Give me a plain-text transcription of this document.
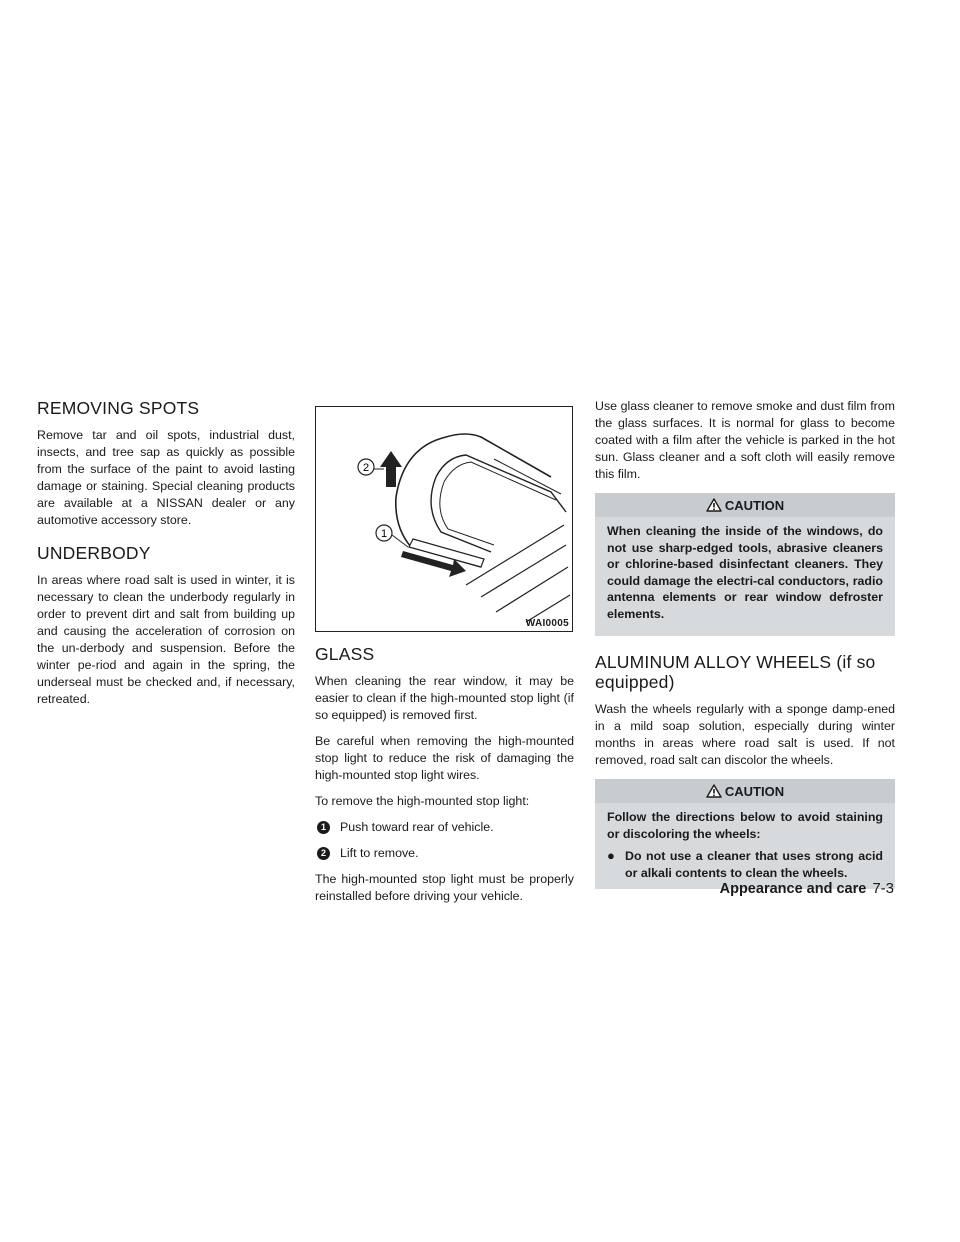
REMOVING SPOTS

Remove tar and oil spots, industrial dust, insects, and tree sap as quickly as possible from the surface of the paint to avoid lasting damage or staining. Special cleaning products are available at a NISSAN dealer or any automotive accessory store.

UNDERBODY

In areas where road salt is used in winter, it is necessary to clean the underbody regularly in order to prevent dirt and salt from building up and causing the acceleration of corrosion on the un-derbody and suspension. Before the winter pe-riod and again in the spring, the underseal must be checked and, if necessary, retreated.

2
1
WAI0005
GLASS

When cleaning the rear window, it may be easier to clean if the high-mounted stop light (if so equipped) is removed first.

Be careful when removing the high-mounted stop light to reduce the risk of damaging the high-mounted stop light wires.

To remove the high-mounted stop light:

1	Push toward rear of vehicle.
2	Lift to remove.

The high-mounted stop light must be properly reinstalled before driving your vehicle.

Use glass cleaner to remove smoke and dust film from the glass surfaces. It is normal for glass to become coated with a film after the vehicle is parked in the hot sun. Glass cleaner and a soft cloth will easily remove this film.

CAUTION

When cleaning the inside of the windows, do not use sharp-edged tools, abrasive cleaners or chlorine-based disinfectant cleaners. They could damage the electri-cal conductors, radio antenna elements or rear window defroster elements.

ALUMINUM ALLOY WHEELS (if so equipped)

Wash the wheels regularly with a sponge damp-ened in a mild soap solution, especially during winter months in areas where road salt is used. If not removed, road salt can discolor the wheels.

CAUTION

Follow the directions below to avoid staining or discoloring the wheels:

● Do not use a cleaner that uses strong acid or alkali contents to clean the wheels.
Appearance and care 7-3
